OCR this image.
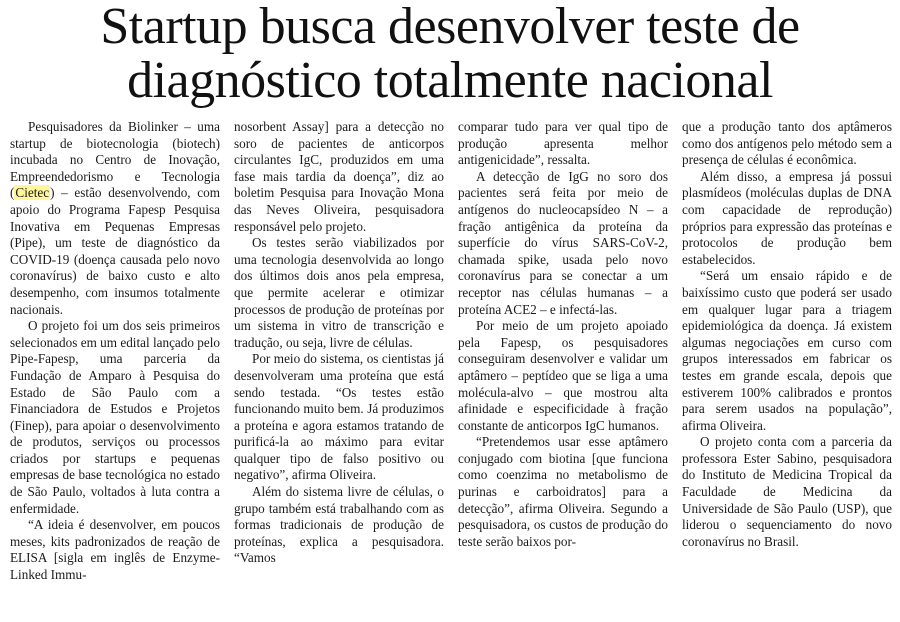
Startup busca desenvolver teste de
diagnóstico totalmente nacional

Pesquisadores da Biolinker – uma startup de biotecnologia (biotech) incubada no Centro de Inovação, Empreendedorismo e Tecnologia (Cietec) – estão desenvolvendo, com apoio do Programa Fapesp Pesquisa Inovativa em Pequenas Empresas (Pipe), um teste de diagnóstico da COVID-19 (doença causada pelo novo coronavírus) de baixo custo e alto desempenho, com insumos totalmente nacionais.

O projeto foi um dos seis primeiros selecionados em um edital lançado pelo Pipe-Fapesp, uma parceria da Fundação de Amparo à Pesquisa do Estado de São Paulo com a Financiadora de Estudos e Projetos (Finep), para apoiar o desenvolvimento de produtos, serviços ou processos criados por startups e pequenas empresas de base tecnológica no estado de São Paulo, voltados à luta contra a enfermidade.

“A ideia é desenvolver, em poucos meses, kits padronizados de reação de ELISA [sigla em inglês de Enzyme-Linked Immu-

nosorbent Assay] para a detecção no soro de pacientes de anticorpos circulantes IgC, produzidos em uma fase mais tardia da doença”, diz ao boletim Pesquisa para Inovação Mona das Neves Oliveira, pesquisadora responsável pelo projeto.

Os testes serão viabilizados por uma tecnologia desenvolvida ao longo dos últimos dois anos pela empresa, que permite acelerar e otimizar processos de produção de proteínas por um sistema in vitro de transcrição e tradução, ou seja, livre de células.

Por meio do sistema, os cientistas já desenvolveram uma proteína que está sendo testada. “Os testes estão funcionando muito bem. Já produzimos a proteína e agora estamos tratando de purificá-la ao máximo para evitar qualquer tipo de falso positivo ou negativo”, afirma Oliveira.

Além do sistema livre de células, o grupo também está trabalhando com as formas tradicionais de produção de proteínas, explica a pesquisadora. “Vamos

comparar tudo para ver qual tipo de produção apresenta melhor antigenicidade”, ressalta.

A detecção de IgG no soro dos pacientes será feita por meio de antígenos do nucleocapsídeo N – a fração antigênica da proteína da superfície do vírus SARS-CoV-2, chamada spike, usada pelo novo coronavírus para se conectar a um receptor nas células humanas – a proteína ACE2 – e infectá-las.

Por meio de um projeto apoiado pela Fapesp, os pesquisadores conseguiram desenvolver e validar um aptâmero – peptídeo que se liga a uma molécula-alvo – que mostrou alta afinidade e especificidade à fração constante de anticorpos IgC humanos.

“Pretendemos usar esse aptâmero conjugado com biotina [que funciona como coenzima no metabolismo de purinas e carboidratos] para a detecção”, afirma Oliveira. Segundo a pesquisadora, os custos de produção do teste serão baixos por-

que a produção tanto dos aptâmeros como dos antígenos pelo método sem a presença de células é econômica.

Além disso, a empresa já possui plasmídeos (moléculas duplas de DNA com capacidade de reprodução) próprios para expressão das proteínas e protocolos de produção bem estabelecidos.

“Será um ensaio rápido e de baixíssimo custo que poderá ser usado em qualquer lugar para a triagem epidemiológica da doença. Já existem algumas negociações em curso com grupos interessados em fabricar os testes em grande escala, depois que estiverem 100% calibrados e prontos para serem usados na população”, afirma Oliveira.

O projeto conta com a parceria da professora Ester Sabino, pesquisadora do Instituto de Medicina Tropical da Faculdade de Medicina da Universidade de São Paulo (USP), que liderou o sequenciamento do novo coronavírus no Brasil.
